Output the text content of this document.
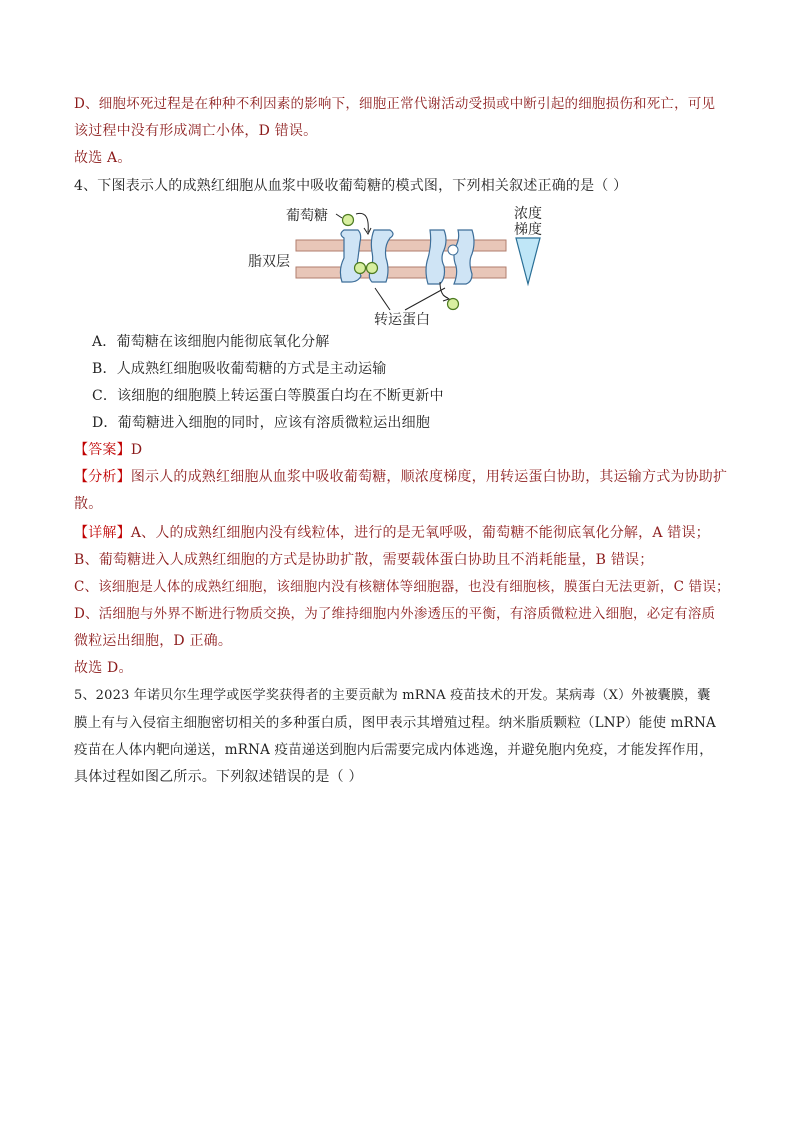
D、细胞坏死过程是在种种不利因素的影响下，细胞正常代谢活动受损或中断引起的细胞损伤和死亡，可见
该过程中没有形成凋亡小体，D 错误。
故选 A。
4、下图表示人的成熟红细胞从血浆中吸收葡萄糖的模式图，下列相关叙述正确的是（ ）
葡萄糖
脂双层
转运蛋白
浓度
梯度
A．葡萄糖在该细胞内能彻底氧化分解
B．人成熟红细胞吸收葡萄糖的方式是主动运输
C．该细胞的细胞膜上转运蛋白等膜蛋白均在不断更新中
D．葡萄糖进入细胞的同时，应该有溶质微粒运出细胞
【答案】D
【分析】图示人的成熟红细胞从血浆中吸收葡萄糖，顺浓度梯度，用转运蛋白协助，其运输方式为协助扩
散。
【详解】A、人的成熟红细胞内没有线粒体，进行的是无氧呼吸，葡萄糖不能彻底氧化分解，A 错误；
B、葡萄糖进入人成熟红细胞的方式是协助扩散，需要载体蛋白协助且不消耗能量，B 错误；
C、该细胞是人体的成熟红细胞，该细胞内没有核糖体等细胞器，也没有细胞核，膜蛋白无法更新，C 错误；
D、活细胞与外界不断进行物质交换，为了维持细胞内外渗透压的平衡，有溶质微粒进入细胞，必定有溶质
微粒运出细胞，D 正确。
故选 D。
5、2023 年诺贝尔生理学或医学奖获得者的主要贡献为 mRNA 疫苗技术的开发。某病毒（X）外被囊膜，囊
膜上有与入侵宿主细胞密切相关的多种蛋白质，图甲表示其增殖过程。纳米脂质颗粒（LNP）能使 mRNA
疫苗在人体内靶向递送，mRNA 疫苗递送到胞内后需要完成内体逃逸，并避免胞内免疫，才能发挥作用，
具体过程如图乙所示。下列叙述错误的是（ ）
